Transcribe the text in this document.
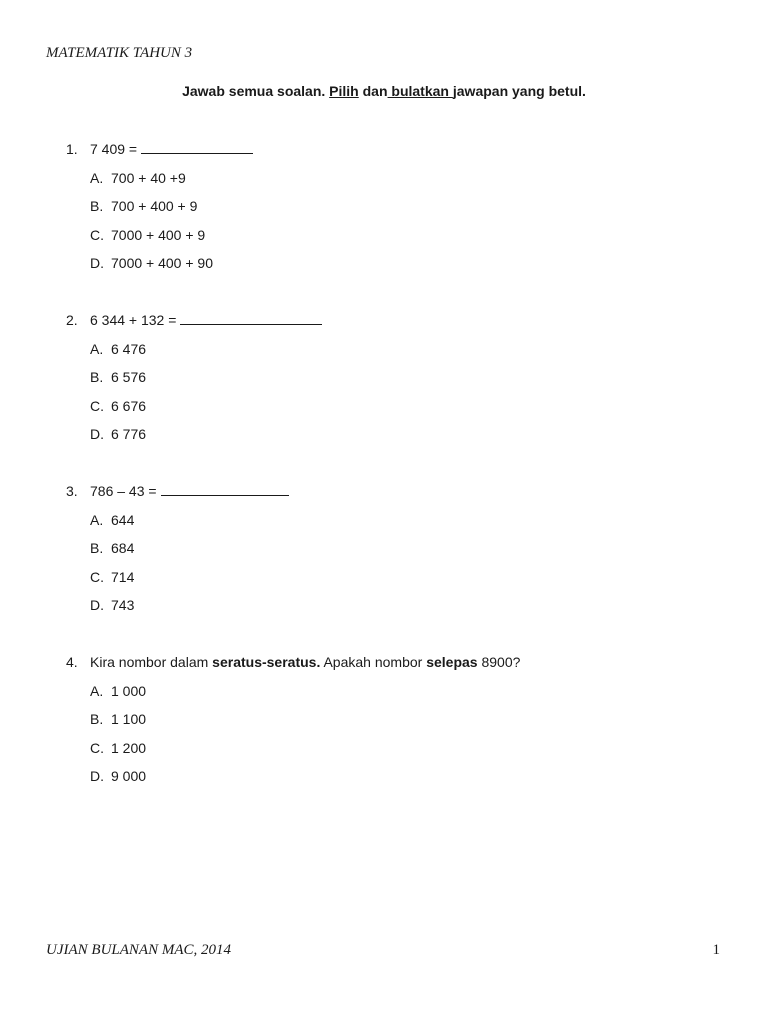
MATEMATIK TAHUN 3
Jawab semua soalan. Pilih dan bulatkan jawapan yang betul.
1. 7 409 =
A. 700 + 40 +9
B. 700 + 400 + 9
C. 7000 + 400 + 9
D. 7000 + 400 + 90
2. 6 344 + 132 =
A. 6 476
B. 6 576
C. 6 676
D. 6 776
3. 786 – 43 =
A. 644
B. 684
C. 714
D. 743
4. Kira nombor dalam seratus-seratus. Apakah nombor selepas 8900?
A. 1 000
B. 1 100
C. 1 200
D. 9 000
UJIAN BULANAN MAC, 2014	1
